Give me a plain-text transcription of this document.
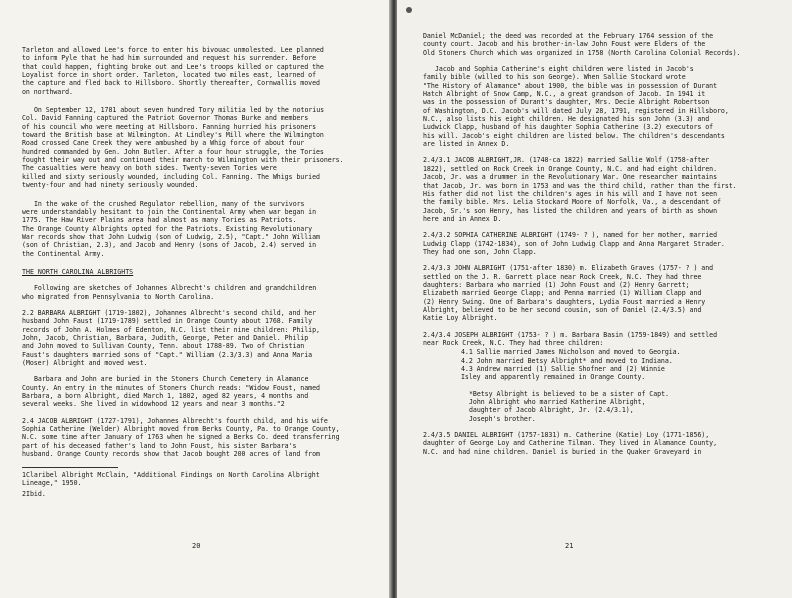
Tarleton and allowed Lee's force to enter his bivouac unmolested. Lee planned
to inform Pyle that he had him surrounded and request his surrender. Before
that could happen, fighting broke out and Lee's troops killed or captured the
Loyalist force in short order. Tarleton, located two miles east, learned of
the capture and fled back to Hillsboro. Shortly thereafter, Cornwallis moved
on northward.

On September 12, 1781 about seven hundred Tory militia led by the notorius
Col. David Fanning captured the Patriot Governor Thomas Burke and members
of his council who were meeting at Hillsboro. Fanning hurried his prisoners
toward the British base at Wilmington. At Lindley's Mill where the Wilmington
Road crossed Cane Creek they were ambushed by a Whig force of about four
hundred commanded by Gen. John Butler. After a four hour struggle, the Tories
fought their way out and continued their march to Wilmington with their prisoners.
The casualties were heavy on both sides. Twenty-seven Tories were
killed and sixty seriously wounded, including Col. Fanning. The Whigs buried
twenty-four and had ninety seriously wounded.

In the wake of the crushed Regulator rebellion, many of the survivors
were understandably hesitant to join the Continental Army when war began in
1775. The Haw River Plains area had almost as many Tories as Patriots.
The Orange County Albrights opted for the Patriots. Existing Revolutionary
War records show that John Ludwig (son of Ludwig, 2.5), "Capt." John William
(son of Christian, 2.3), and Jacob and Henry (sons of Jacob, 2.4) served in
the Continental Army.

THE NORTH CAROLINA ALBRIGHTS

Following are sketches of Johannes Albrecht's children and grandchildren
who migrated from Pennsylvania to North Carolina.

2.2 BARBARA ALBRIGHT (1719-1802), Johannes Albrecht's second child, and her
husband John Faust (1719-1789) settled in Orange County about 1768. Family
records of John A. Holmes of Edenton, N.C. list their nine children: Philip,
John, Jacob, Christian, Barbara, Judith, George, Peter and Daniel. Philip
and John moved to Sullivan County, Tenn. about 1788-89. Two of Christian
Faust's daughters married sons of "Capt." William (2.3/3.3) and Anna Maria
(Moser) Albright and moved west.

Barbara and John are buried in the Stoners Church Cemetery in Alamance
County. An entry in the minutes of Stoners Church reads: "Widow Foust, named
Barbara, a born Albright, died March 1, 1802, aged 82 years, 4 months and
several weeks. She lived in widowhood 12 years and near 3 months."2

2.4 JACOB ALBRIGHT (1727-1791), Johannes Albrecht's fourth child, and his wife
Sophia Catherine (Welder) Albright moved from Berks County, Pa. to Orange County,
N.C. some time after January of 1763 when he signed a Berks Co. deed transferring
part of his deceased father's land to John Foust, his sister Barbara's
husband. Orange County records show that Jacob bought 200 acres of land from

1Claribel Albright McClain, "Additional Findings on North Carolina Albright
Lineage," 1950.

2Ibid.

20

Daniel McDaniel; the deed was recorded at the February 1764 session of the
county court. Jacob and his brother-in-law John Foust were Elders of the
Old Stoners Church which was organized in 1758 (North Carolina Colonial Records).

Jacob and Sophia Catherine's eight children were listed in Jacob's
family bible (willed to his son George). When Sallie Stockard wrote
"The History of Alamance" about 1900, the bible was in possession of Durant
Hatch Albright of Snow Camp, N.C., a great grandson of Jacob. In 1941 it
was in the possession of Durant's daughter, Mrs. Decie Albright Robertson
of Washington, D.C. Jacob's will dated July 28, 1791, registered in Hillsboro,
N.C., also lists his eight children. He designated his son John (3.3) and
Ludwick Clapp, husband of his daughter Sophia Catherine (3.2) executors of
his will. Jacob's eight children are listed below. The children's descendants
are listed in Annex D.

2.4/3.1 JACOB ALBRIGHT,JR. (1748-ca 1822) married Sallie Wolf (1758-after
1822), settled on Rock Creek in Orange County, N.C. and had eight children.
Jacob, Jr. was a drummer in the Revolutionary War. One researcher maintains
that Jacob, Jr. was born in 1753 and was the third child, rather than the first.
His father did not list the children's ages in his will and I have not seen
the family bible. Mrs. Lelia Stockard Moore of Norfolk, Va., a descendant of
Jacob, Sr.'s son Henry, has listed the children and years of birth as shown
here and in Annex D.

2.4/3.2 SOPHIA CATHERINE ALBRIGHT (1749- ? ), named for her mother, married
Ludwig Clapp (1742-1834), son of John Ludwig Clapp and Anna Margaret Strader.
They had one son, John Clapp.

2.4/3.3 JOHN ALBRIGHT (1751-after 1830) m. Elizabeth Graves (1757- ? ) and
settled on the J. R. Garrett place near Rock Creek, N.C. They had three
daughters: Barbara who married (1) John Foust and (2) Henry Garrett;
Elizabeth married George Clapp; and Penna married (1) William Clapp and
(2) Henry Swing. One of Barbara's daughters, Lydia Foust married a Henry
Albright, believed to be her second cousin, son of Daniel (2.4/3.5) and
Katie Loy Albright.

2.4/3.4 JOSEPH ALBRIGHT (1753- ? ) m. Barbara Basin (1759-1849) and settled
near Rock Creek, N.C. They had three children:

4.1 Sallie married James Nicholson and moved to Georgia.

4.2 John married Betsy Albright* and moved to Indiana.

4.3 Andrew married (1) Sallie Shofner and (2) Winnie
Isley and apparently remained in Orange County.

*Betsy Albright is believed to be a sister of Capt.
John Albright who married Katherine Albright,
daughter of Jacob Albright, Jr. (2.4/3.1),
Joseph's brother.

2.4/3.5 DANIEL ALBRIGHT (1757-1831) m. Catherine (Katie) Loy (1771-1856),
daughter of George Loy and Catherine Tilman. They lived in Alamance County,
N.C. and had nine children. Daniel is buried in the Quaker Graveyard in

21
